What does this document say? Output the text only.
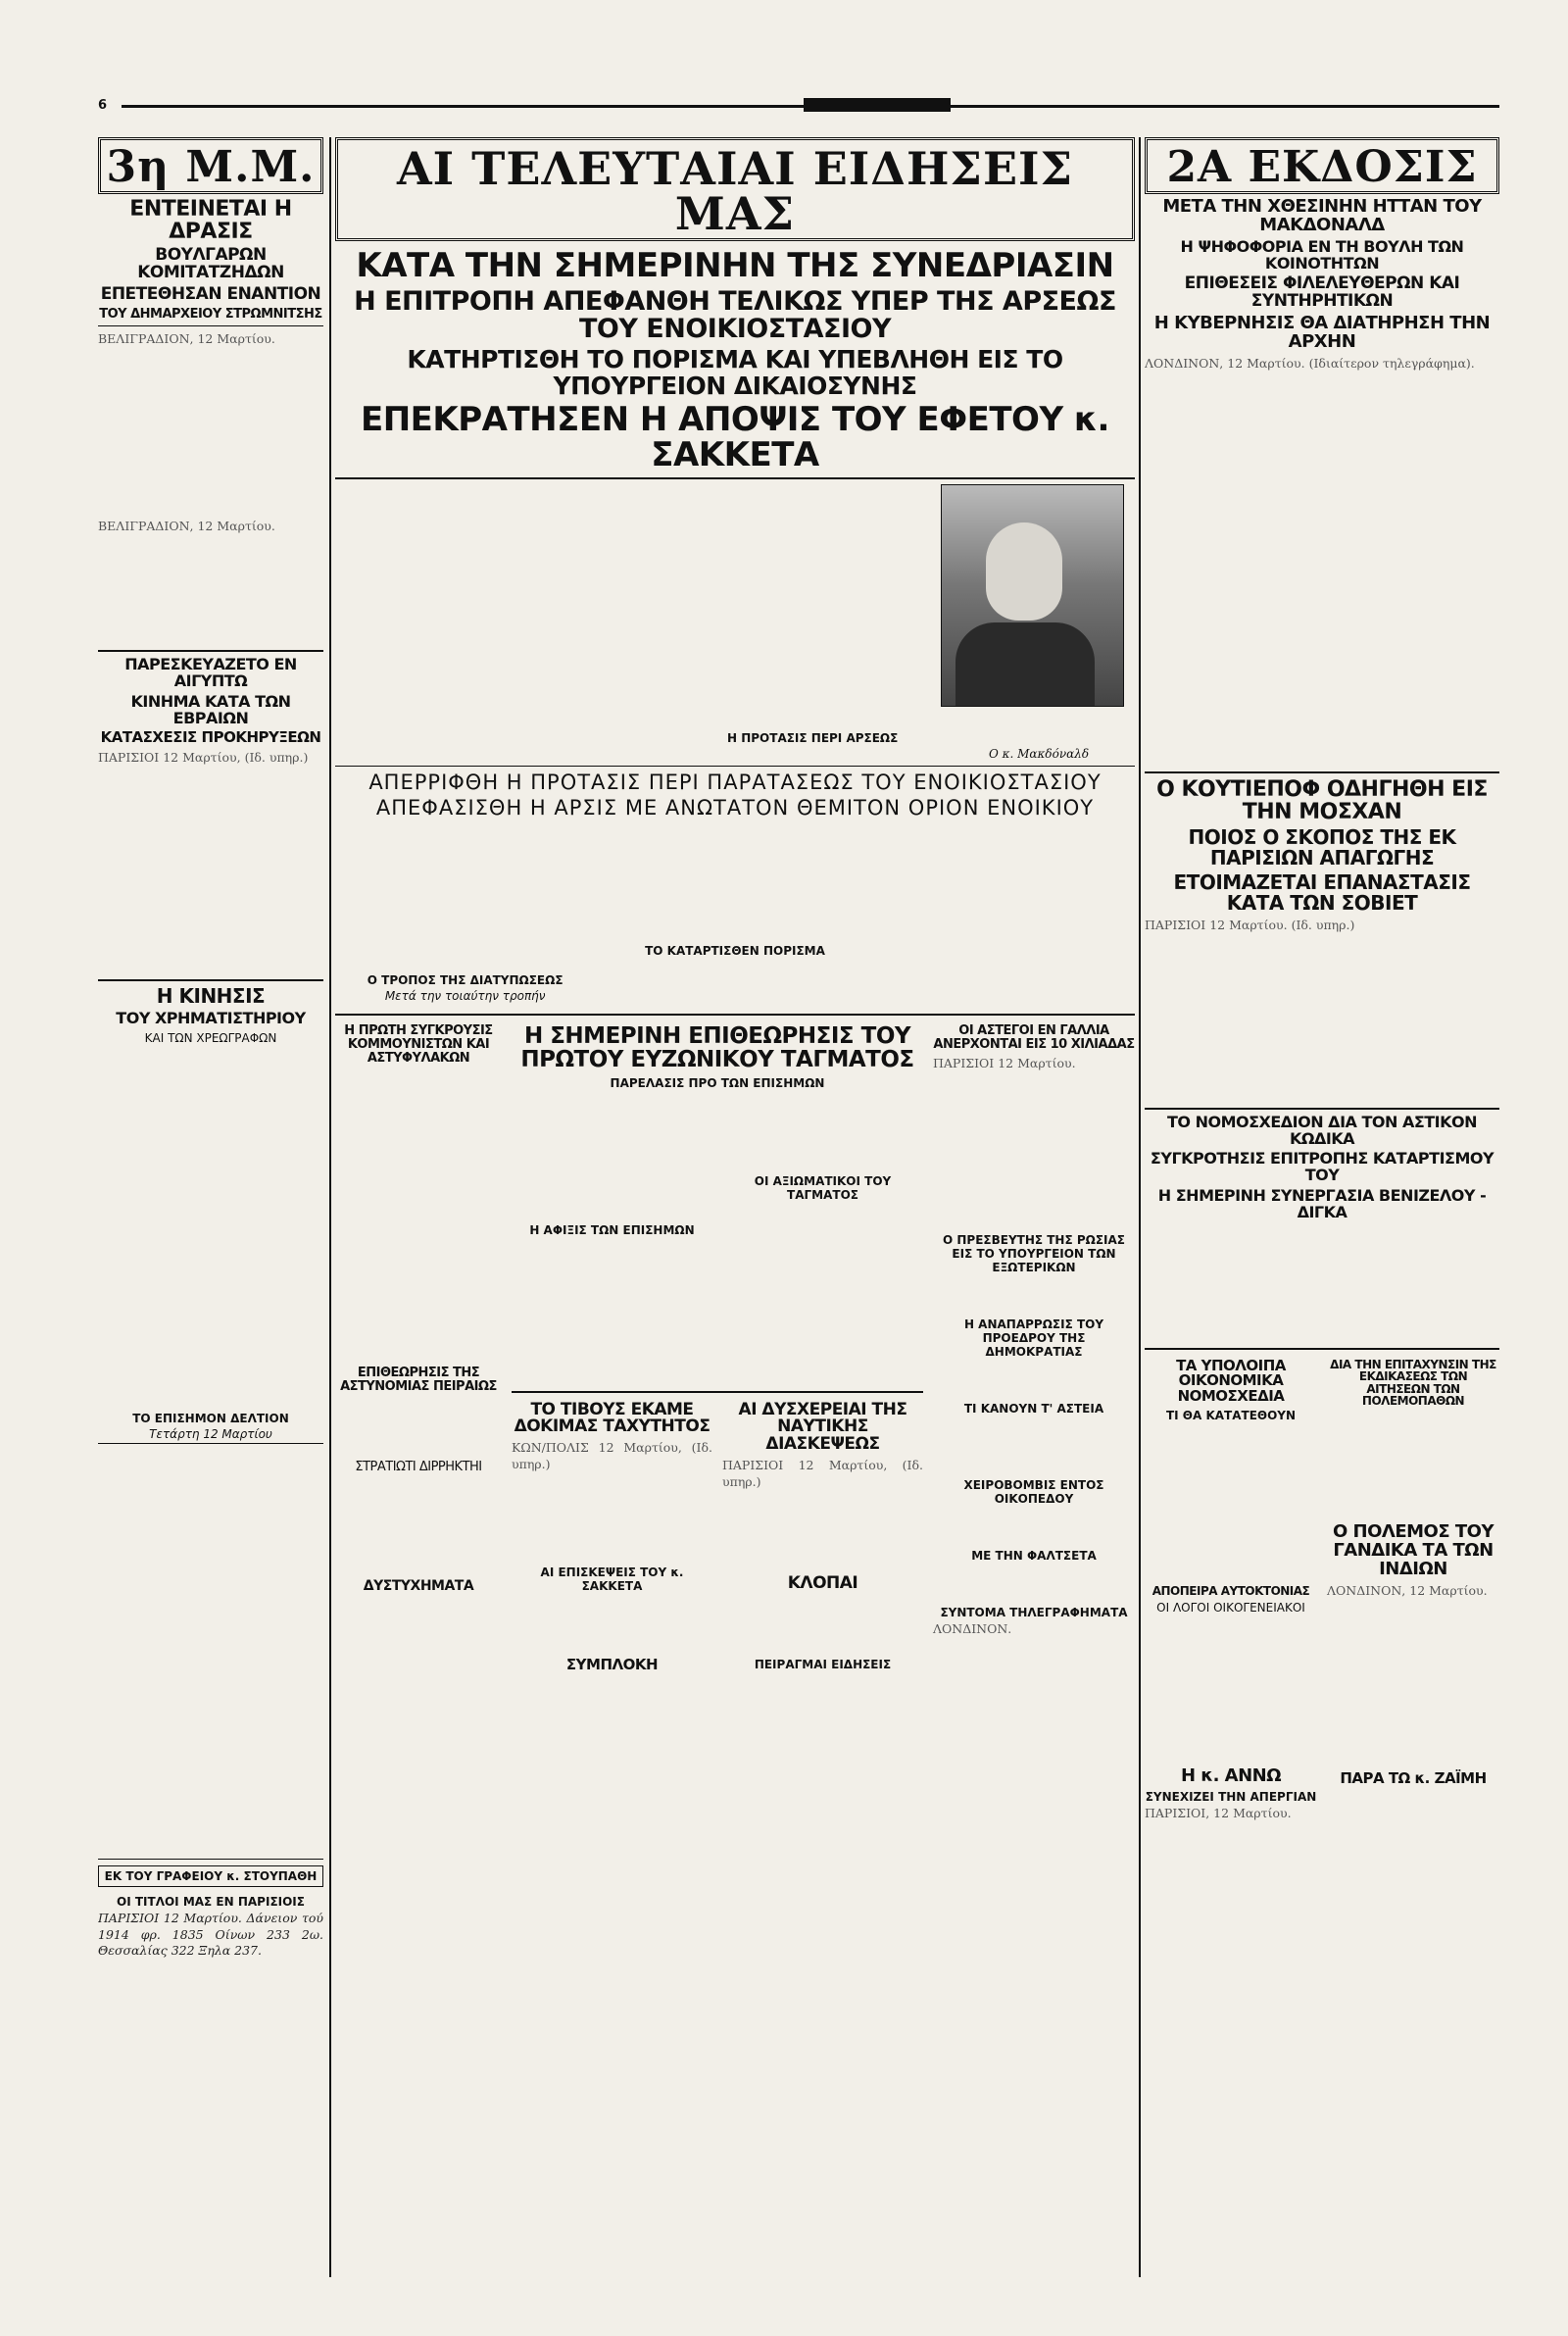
6
3η Μ.Μ.
ΕΝΤΕΙΝΕΤΑΙ Η ΔΡΑΣΙΣ
ΒΟΥΛΓΑΡΩΝ ΚΟΜΙΤΑΤΖΗΔΩΝ
ΕΠΕΤΕΘΗΣΑΝ ΕΝΑΝΤΙΟΝ
ΤΟΥ ΔΗΜΑΡΧΕΙΟΥ ΣΤΡΩΜΝΙΤΣΗΣ
ΒΕΛΙΓΡΑΔΙΟΝ, 12 Μαρτίου.
ΒΕΛΙΓΡΑΔΙΟΝ, 12 Μαρτίου.
ΠΑΡΕΣΚΕΥΑΖΕΤΟ ΕΝ ΑΙΓΥΠΤΩ
ΚΙΝΗΜΑ ΚΑΤΑ ΤΩΝ ΕΒΡΑΙΩΝ
ΚΑΤΑΣΧΕΣΙΣ ΠΡΟΚΗΡΥΞΕΩΝ
ΠΑΡΙΣΙΟΙ 12 Μαρτίου, (Ιδ. υπηρ.)
Η ΚΙΝΗΣΙΣ
ΤΟΥ ΧΡΗΜΑΤΙΣΤΗΡΙΟΥ
ΚΑΙ ΤΩΝ ΧΡΕΩΓΡΑΦΩΝ
ΤΟ ΕΠΙΣΗΜΟΝ ΔΕΛΤΙΟΝ
Τετάρτη 12 Μαρτίου
ΕΚ ΤΟΥ ΓΡΑΦΕΙΟΥ κ. ΣΤΟΥΠΑΘΗ
ΟΙ ΤΙΤΛΟΙ ΜΑΣ ΕΝ ΠΑΡΙΣΙΟΙΣ
ΠΑΡΙΣΙΟΙ 12 Μαρτίου. Δάνειον τού 1914 φρ. 1835 Οίνων 233 2ω. Θεσσαλίας 322 Ξηλα 237.
ΑΙ ΤΕΛΕΥΤΑΙΑΙ ΕΙΔΗΣΕΙΣ ΜΑΣ
ΚΑΤΑ ΤΗΝ ΣΗΜΕΡΙΝΗΝ ΤΗΣ ΣΥΝΕΔΡΙΑΣΙΝ
Η ΕΠΙΤΡΟΠΗ ΑΠΕΦΑΝΘΗ ΤΕΛΙΚΩΣ ΥΠΕΡ ΤΗΣ ΑΡΣΕΩΣ ΤΟΥ ΕΝΟΙΚΙΟΣΤΑΣΙΟΥ
ΚΑΤΗΡΤΙΣΘΗ ΤΟ ΠΟΡΙΣΜΑ ΚΑΙ ΥΠΕΒΛΗΘΗ ΕΙΣ ΤΟ ΥΠΟΥΡΓΕΙΟΝ ΔΙΚΑΙΟΣΥΝΗΣ
ΕΠΕΚΡΑΤΗΣΕΝ Η ΑΠΟΨΙΣ ΤΟΥ ΕΦΕΤΟΥ κ. ΣΑΚΚΕΤΑ
Η ΠΡΟΤΑΣΙΣ ΠΕΡΙ ΑΡΣΕΩΣ
Ο κ. Μακδόναλδ
ΑΠΕΡΡΙΦΘΗ Η ΠΡΟΤΑΣΙΣ ΠΕΡΙ ΠΑΡΑΤΑΣΕΩΣ ΤΟΥ ΕΝΟΙΚΙΟΣΤΑΣΙΟΥ
ΑΠΕΦΑΣΙΣΘΗ Η ΑΡΣΙΣ ΜΕ ΑΝΩΤΑΤΟΝ ΘΕΜΙΤΟΝ ΟΡΙΟΝ ΕΝΟΙΚΙΟΥ
Ο ΤΡΟΠΟΣ ΤΗΣ ΔΙΑΤΥΠΩΣΕΩΣ
Μετά την τοιαύτην τροπήν
ΤΟ ΚΑΤΑΡΤΙΣΘΕΝ ΠΟΡΙΣΜΑ
Η ΠΡΩΤΗ ΣΥΓΚΡΟΥΣΙΣ ΚΟΜΜΟΥΝΙΣΤΩΝ ΚΑΙ ΑΣΤΥΦΥΛΑΚΩΝ
ΕΠΙΘΕΩΡΗΣΙΣ ΤΗΣ ΑΣΤΥΝΟΜΙΑΣ ΠΕΙΡΑΙΩΣ
ΣΤΡΑΤΙΩΤΙ ΔΙΡΡΗΚΤΗΙ
ΔΥΣΤΥΧΗΜΑΤΑ
Η ΣΗΜΕΡΙΝΗ ΕΠΙΘΕΩΡΗΣΙΣ ΤΟΥ ΠΡΩΤΟΥ ΕΥΖΩΝΙΚΟΥ ΤΑΓΜΑΤΟΣ
ΠΑΡΕΛΑΣΙΣ ΠΡΟ ΤΩΝ ΕΠΙΣΗΜΩΝ
Η ΑΦΙΞΙΣ ΤΩΝ ΕΠΙΣΗΜΩΝ
ΟΙ ΑΞΙΩΜΑΤΙΚΟΙ ΤΟΥ ΤΑΓΜΑΤΟΣ
ΤΟ ΤΙΒΟΥΣ ΕΚΑΜΕ ΔΟΚΙΜΑΣ ΤΑΧΥΤΗΤΟΣ
ΚΩΝ/ΠΟΛΙΣ 12 Μαρτίου, (Ιδ. υπηρ.)
ΑΙ ΕΠΙΣΚΕΨΕΙΣ ΤΟΥ κ. ΣΑΚΚΕΤΑ
ΣΥΜΠΛΟΚΗ
ΑΙ ΔΥΣΧΕΡΕΙΑΙ ΤΗΣ ΝΑΥΤΙΚΗΣ ΔΙΑΣΚΕΨΕΩΣ
ΠΑΡΙΣΙΟΙ 12 Μαρτίου, (Ιδ. υπηρ.)
ΚΛΟΠΑΙ
ΠΕΙΡΑΓΜΑΙ ΕΙΔΗΣΕΙΣ
ΟΙ ΑΣΤΕΓΟΙ ΕΝ ΓΑΛΛΙΑ ΑΝΕΡΧΟΝΤΑΙ ΕΙΣ 10 ΧΙΛΙΑΔΑΣ
ΠΑΡΙΣΙΟΙ 12 Μαρτίου.
Ο ΠΡΕΣΒΕΥΤΗΣ ΤΗΣ ΡΩΣΙΑΣ ΕΙΣ ΤΟ ΥΠΟΥΡΓΕΙΟΝ ΤΩΝ ΕΞΩΤΕΡΙΚΩΝ
Η ΑΝΑΠΑΡΡΩΣΙΣ ΤΟΥ ΠΡΟΕΔΡΟΥ ΤΗΣ ΔΗΜΟΚΡΑΤΙΑΣ
ΤΙ ΚΑΝΟΥΝ Τ' ΑΣΤΕΙΑ
ΧΕΙΡΟΒΟΜΒΙΣ ΕΝΤΟΣ ΟΙΚΟΠΕΔΟΥ
ΜΕ ΤΗΝ ΦΑΛΤΣΕΤΑ
ΣΥΝΤΟΜΑ ΤΗΛΕΓΡΑΦΗΜΑΤΑ
ΛΟΝΔΙΝΟΝ.
2Α ΕΚΔΟΣΙΣ
ΜΕΤΑ ΤΗΝ ΧΘΕΣΙΝΗΝ ΗΤΤΑΝ ΤΟΥ ΜΑΚΔΟΝΑΛΔ
Η ΨΗΦΟΦΟΡΙΑ ΕΝ ΤΗ ΒΟΥΛΗ ΤΩΝ ΚΟΙΝΟΤΗΤΩΝ
ΕΠΙΘΕΣΕΙΣ ΦΙΛΕΛΕΥΘΕΡΩΝ ΚΑΙ ΣΥΝΤΗΡΗΤΙΚΩΝ
Η ΚΥΒΕΡΝΗΣΙΣ ΘΑ ΔΙΑΤΗΡΗΣΗ ΤΗΝ ΑΡΧΗΝ
ΛΟΝΔΙΝΟΝ, 12 Μαρτίου. (Ιδιαίτερον τηλεγράφημα).
Ο ΚΟΥΤΙΕΠΟΦ ΟΔΗΓΗΘΗ ΕΙΣ ΤΗΝ ΜΟΣΧΑΝ
ΠΟΙΟΣ Ο ΣΚΟΠΟΣ ΤΗΣ ΕΚ ΠΑΡΙΣΙΩΝ ΑΠΑΓΩΓΗΣ
ΕΤΟΙΜΑΖΕΤΑΙ ΕΠΑΝΑΣΤΑΣΙΣ ΚΑΤΑ ΤΩΝ ΣΟΒΙΕΤ
ΠΑΡΙΣΙΟΙ 12 Μαρτίου. (Ιδ. υπηρ.)
ΤΟ ΝΟΜΟΣΧΕΔΙΟΝ ΔΙΑ ΤΟΝ ΑΣΤΙΚΟΝ ΚΩΔΙΚΑ
ΣΥΓΚΡΟΤΗΣΙΣ ΕΠΙΤΡΟΠΗΣ ΚΑΤΑΡΤΙΣΜΟΥ ΤΟΥ
Η ΣΗΜΕΡΙΝΗ ΣΥΝΕΡΓΑΣΙΑ ΒΕΝΙΖΕΛΟΥ - ΔΙΓΚΑ
ΤΑ ΥΠΟΛΟΙΠΑ ΟΙΚΟΝΟΜΙΚΑ ΝΟΜΟΣΧΕΔΙΑ
ΤΙ ΘΑ ΚΑΤΑΤΕΘΟΥΝ
ΑΠΟΠΕΙΡΑ ΑΥΤΟΚΤΟΝΙΑΣ
ΟΙ ΛΟΓΟΙ ΟΙΚΟΓΕΝΕΙΑΚΟΙ
Η κ. ΑΝΝΩ
ΣΥΝΕΧΙΖΕΙ ΤΗΝ ΑΠΕΡΓΙΑΝ
ΠΑΡΙΣΙΟΙ, 12 Μαρτίου.
ΔΙΑ ΤΗΝ ΕΠΙΤΑΧΥΝΣΙΝ ΤΗΣ ΕΚΔΙΚΑΣΕΩΣ ΤΩΝ ΑΙΤΗΣΕΩΝ ΤΩΝ ΠΟΛΕΜΟΠΑΘΩΝ
Ο ΠΟΛΕΜΟΣ ΤΟΥ ΓΑΝΔΙΚΑ ΤΑ ΤΩΝ ΙΝΔΙΩΝ
ΛΟΝΔΙΝΟΝ, 12 Μαρτίου.
ΠΑΡΑ ΤΩ κ. ΖΑΪΜΗ
